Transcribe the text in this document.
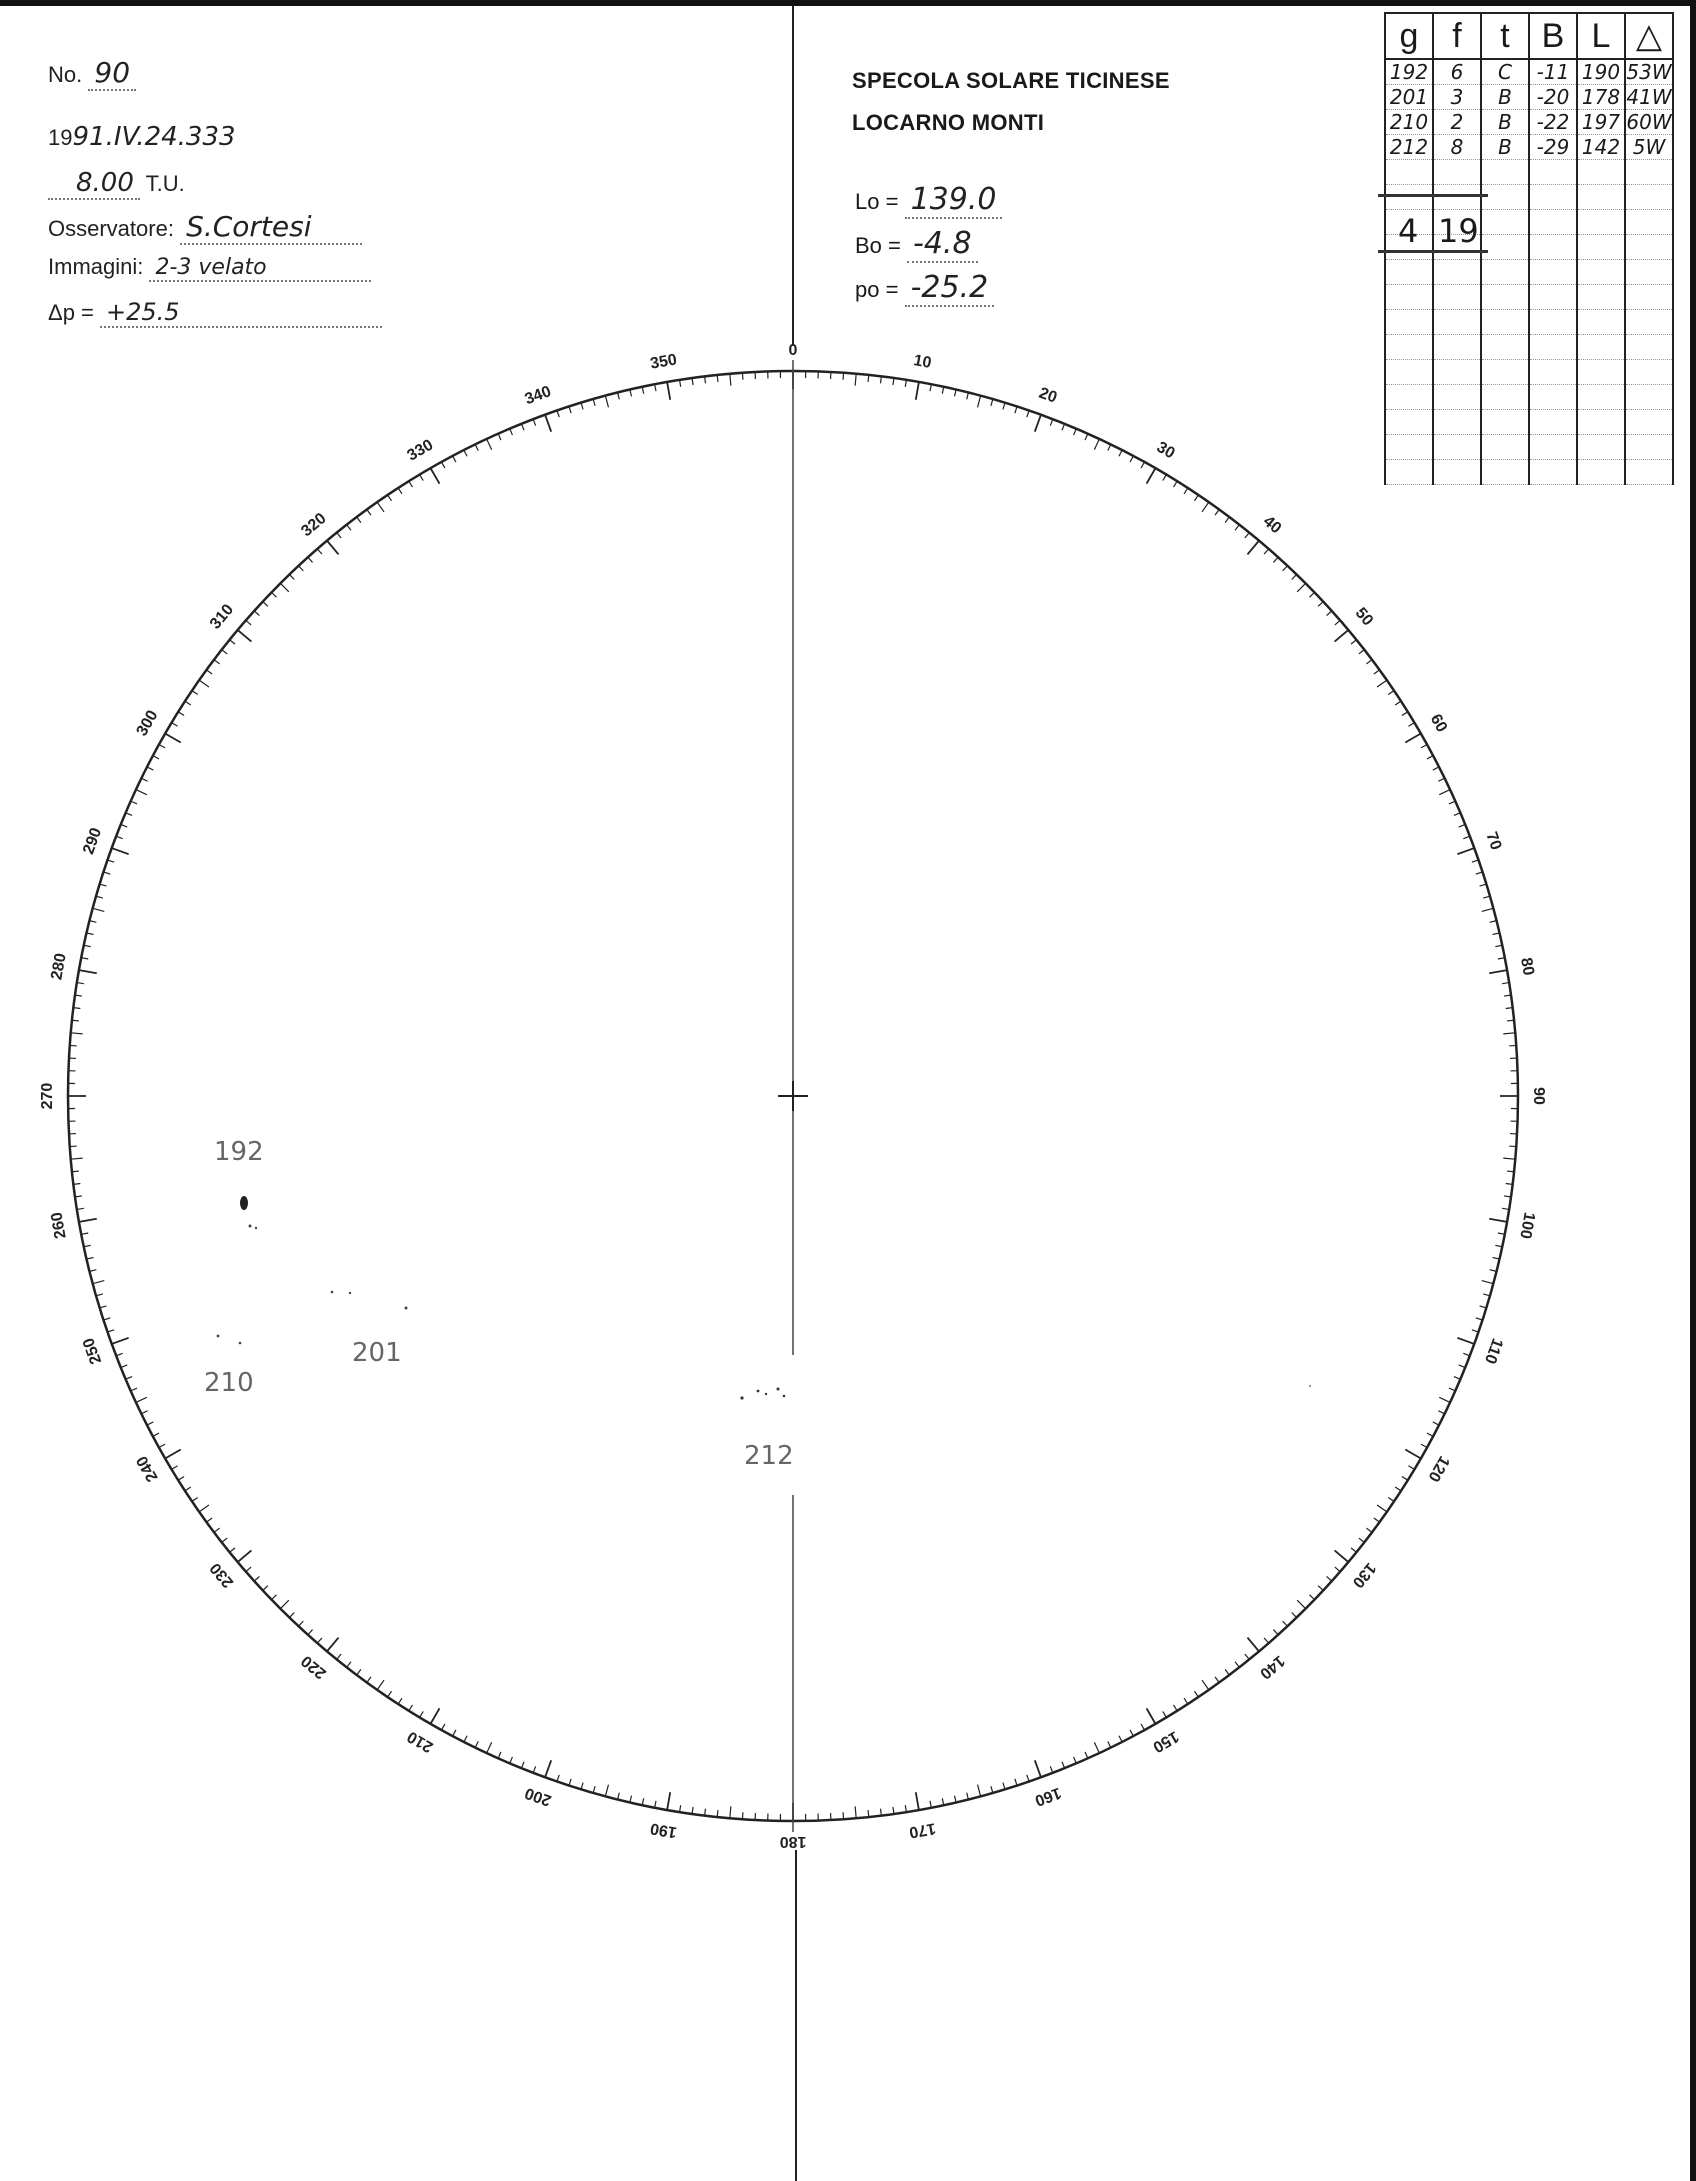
No. 90
1991.IV.24.333
8.00 T.U.
Osservatore: S.Cortesi
Immagini: 2-3 velato
Δp = +25.5
SPECOLA SOLARE TICINESE
LOCARNO MONTI
Lo = 139.0
Bo = -4.8
po = -25.2
g	f	t	B	L	△
192	6	C	-11	190	53W
201	3	B	-20	178	41W
210	2	B	-22	197	60W
212	8	B	-29	142	5W

4 19
0
10
20
30
40
50
60
70
80
90
100
110
120
130
140
150
160
170
180
190
200
210
220
230
240
250
260
270
280
290
300
310
320
330
340
350
192
201
210
212
